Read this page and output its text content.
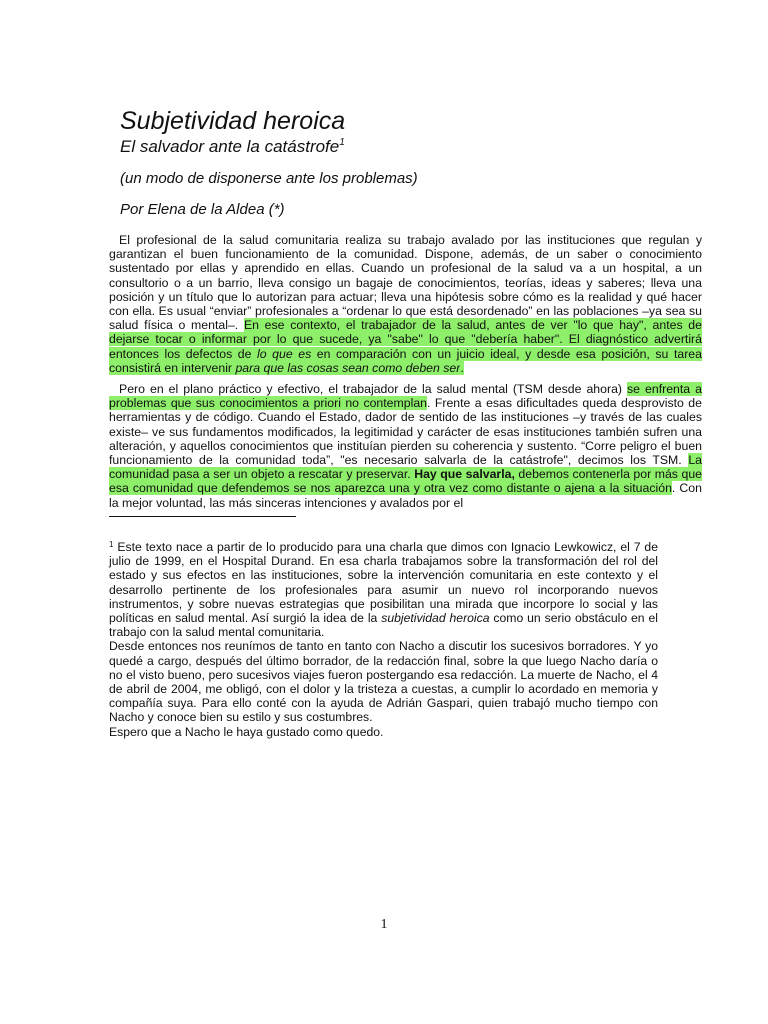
Subjetividad heroica
El salvador ante la catástrofe$^1$
(un modo de disponerse ante los problemas)
Por Elena de la Aldea (*)

El profesional de la salud comunitaria realiza su trabajo avalado por las instituciones que regulan y garantizan el buen funcionamiento de la comunidad. Dispone, además, de un saber o conocimiento sustentado por ellas y aprendido en ellas. Cuando un profesional de la salud va a un hospital, a un consultorio o a un barrio, lleva consigo un bagaje de conocimientos, teorías, ideas y saberes; lleva una posición y un título que lo autorizan para actuar; lleva una hipótesis sobre cómo es la realidad y qué hacer con ella. Es usual “enviar” profesionales a “ordenar lo que está desordenado” en las poblaciones –ya sea su salud física o mental–. En ese contexto, el trabajador de la salud, antes de ver "lo que hay", antes de dejarse tocar o informar por lo que sucede, ya "sabe" lo que "debería haber". El diagnóstico advertirá entonces los defectos de lo que es en comparación con un juicio ideal, y desde esa posición, su tarea consistirá en intervenir para que las cosas sean como deben ser.

Pero en el plano práctico y efectivo, el trabajador de la salud mental (TSM desde ahora) se enfrenta a problemas que sus conocimientos a priori no contemplan. Frente a esas dificultades queda desprovisto de herramientas y de código. Cuando el Estado, dador de sentido de las instituciones –y través de las cuales existe– ve sus fundamentos modificados, la legitimidad y carácter de esas instituciones también sufren una alteración, y aquellos conocimientos que instituían pierden su coherencia y sustento. “Corre peligro el buen funcionamiento de la comunidad toda”, "es necesario salvarla de la catástrofe", decimos los TSM. La comunidad pasa a ser un objeto a rescatar y preservar. Hay que salvarla, debemos contenerla por más que esa comunidad que defendemos se nos aparezca una y otra vez como distante o ajena a la situación. Con la mejor voluntad, las más sinceras intenciones y avalados por el

$^1$ Este texto nace a partir de lo producido para una charla que dimos con Ignacio Lewkowicz, el 7 de julio de 1999, en el Hospital Durand. En esa charla trabajamos sobre la transformación del rol del estado y sus efectos en las instituciones, sobre la intervención comunitaria en este contexto y el desarrollo pertinente de los profesionales para asumir un nuevo rol incorporando nuevos instrumentos, y sobre nuevas estrategias que posibilitan una mirada que incorpore lo social y las políticas en salud mental. Así surgió la idea de la subjetividad heroica como un serio obstáculo en el trabajo con la salud mental comunitaria.

Desde entonces nos reunímos de tanto en tanto con Nacho a discutir los sucesivos borradores. Y yo quedé a cargo, después del último borrador, de la redacción final, sobre la que luego Nacho daría o no el visto bueno, pero sucesivos viajes fueron postergando esa redacción. La muerte de Nacho, el 4 de abril de 2004, me obligó, con el dolor y la tristeza a cuestas, a cumplir lo acordado en memoria y compañía suya. Para ello conté con la ayuda de Adrián Gaspari, quien trabajó mucho tiempo con Nacho y conoce bien su estilo y sus costumbres.

Espero que a Nacho le haya gustado como quedo.

1
